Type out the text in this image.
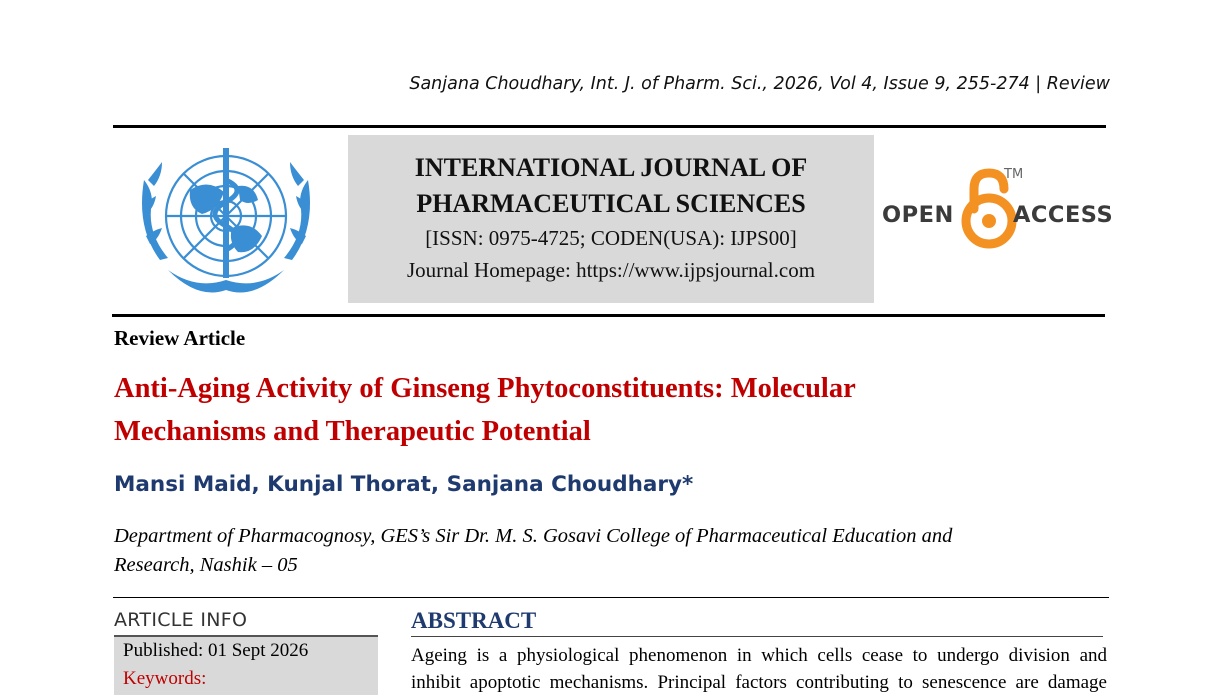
Sanjana Choudhary, Int. J. of Pharm. Sci., 2026, Vol 4, Issue 9, 255-274 | Review
INTERNATIONAL JOURNAL OF
PHARMACEUTICAL SCIENCES
[ISSN: 0975-4725; CODEN(USA): IJPS00]
Journal Homepage: https://www.ijpsjournal.com
OPEN
TM
ACCESS
Review Article
Anti-Aging Activity of Ginseng Phytoconstituents: Molecular
Mechanisms and Therapeutic Potential
Mansi Maid, Kunjal Thorat, Sanjana Choudhary*
Department of Pharmacognosy, GES’s Sir Dr. M. S. Gosavi College of Pharmaceutical Education and
Research, Nashik – 05
ARTICLE INFO
Published: 01 Sept 2026
Keywords:
ABSTRACT
Ageing is a physiological phenomenon in which cells cease to undergo division and
inhibit apoptotic mechanisms. Principal factors contributing to senescence are damage
